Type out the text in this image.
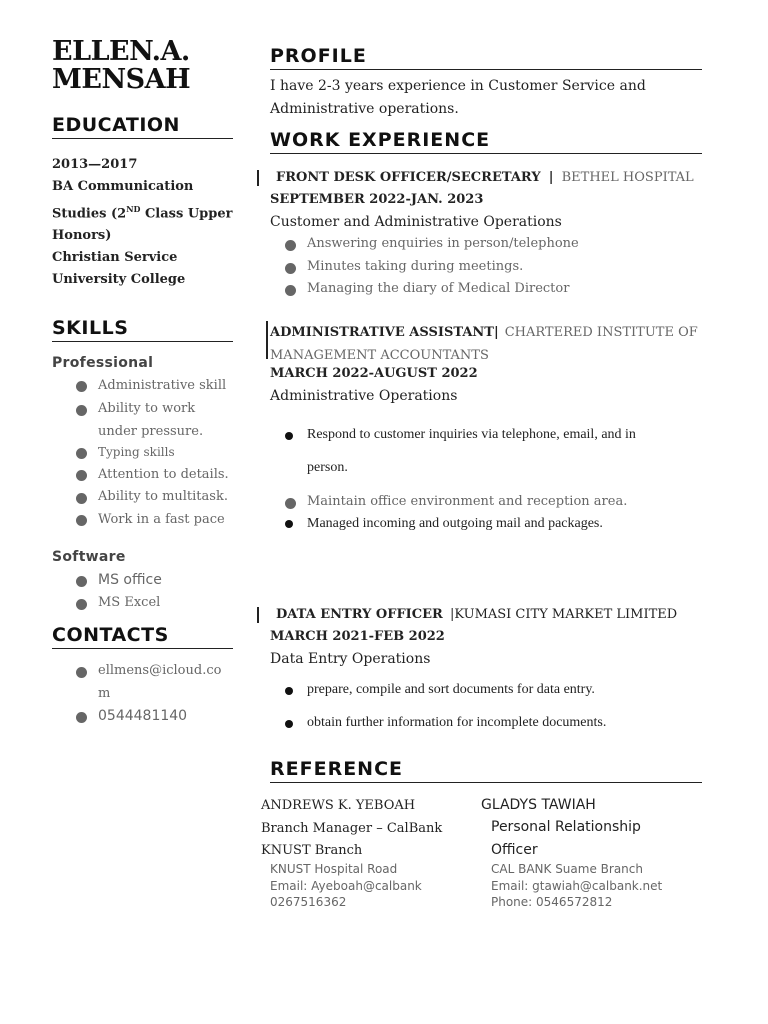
ELLEN.A.
MENSAH
EDUCATION
2013—2017
BA Communication
Studies (2ND Class Upper
Honors)
Christian Service
University College
SKILLS
Professional
Administrative skill
Ability to work
under pressure.
Typing skills
Attention to details.
Ability to multitask.
Work in a fast pace
Software
MS office
MS Excel
CONTACTS
ellmens@icloud.co
m
0544481140
PROFILE
I have 2-3 years experience in Customer Service and
Administrative operations.
WORK EXPERIENCE
FRONT DESK OFFICER/SECRETARY | BETHEL HOSPITAL
SEPTEMBER 2022-JAN. 2023
Customer and Administrative Operations
Answering enquiries in person/telephone
Minutes taking during meetings.
Managing the diary of Medical Director
ADMINISTRATIVE ASSISTANT| CHARTERED INSTITUTE OF
MANAGEMENT ACCOUNTANTS
MARCH 2022-AUGUST 2022
Administrative Operations
Respond to customer inquiries via telephone, email, and in
person.
Maintain office environment and reception area.
Managed incoming and outgoing mail and packages.
DATA ENTRY OFFICER |KUMASI CITY MARKET LIMITED
MARCH 2021-FEB 2022
Data Entry Operations
prepare, compile and sort documents for data entry.
obtain further information for incomplete documents.
REFERENCE
ANDREWS K. YEBOAH
Branch Manager – CalBank
KNUST Branch
KNUST Hospital Road
Email: Ayeboah@calbank
0267516362
GLADYS TAWIAH
Personal Relationship
Officer
CAL BANK Suame Branch
Email: gtawiah@calbank.net
Phone: 0546572812
